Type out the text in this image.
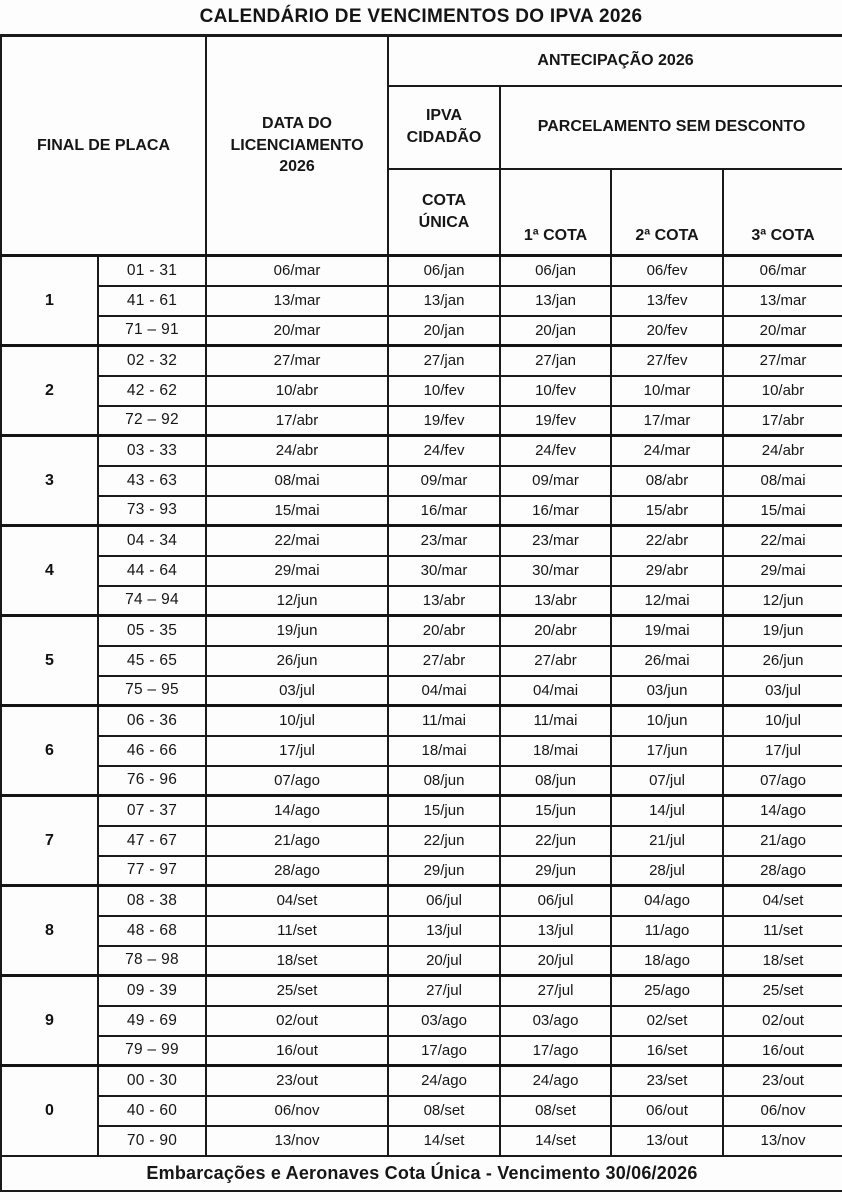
CALENDÁRIO DE VENCIMENTOS DO IPVA 2026
FINAL DE PLACA		DATA DO LICENCIAMENTO 2026	ANTECIPAÇÃO 2026			
			IPVA CIDADÃO	PARCELAMENTO SEM DESCONTO		
			COTA ÚNICA	1ª COTA	2ª COTA	3ª COTA
1	01 - 31	06/mar	06/jan	06/jan	06/fev	06/mar
	41 - 61	13/mar	13/jan	13/jan	13/fev	13/mar
	71 – 91	20/mar	20/jan	20/jan	20/fev	20/mar
2	02 - 32	27/mar	27/jan	27/jan	27/fev	27/mar
	42 - 62	10/abr	10/fev	10/fev	10/mar	10/abr
	72 – 92	17/abr	19/fev	19/fev	17/mar	17/abr
3	03 - 33	24/abr	24/fev	24/fev	24/mar	24/abr
	43 - 63	08/mai	09/mar	09/mar	08/abr	08/mai
	73 - 93	15/mai	16/mar	16/mar	15/abr	15/mai
4	04 - 34	22/mai	23/mar	23/mar	22/abr	22/mai
	44 - 64	29/mai	30/mar	30/mar	29/abr	29/mai
	74 – 94	12/jun	13/abr	13/abr	12/mai	12/jun
5	05 - 35	19/jun	20/abr	20/abr	19/mai	19/jun
	45 - 65	26/jun	27/abr	27/abr	26/mai	26/jun
	75 – 95	03/jul	04/mai	04/mai	03/jun	03/jul
6	06 - 36	10/jul	11/mai	11/mai	10/jun	10/jul
	46 - 66	17/jul	18/mai	18/mai	17/jun	17/jul
	76 - 96	07/ago	08/jun	08/jun	07/jul	07/ago
7	07 - 37	14/ago	15/jun	15/jun	14/jul	14/ago
	47 - 67	21/ago	22/jun	22/jun	21/jul	21/ago
	77 - 97	28/ago	29/jun	29/jun	28/jul	28/ago
8	08 - 38	04/set	06/jul	06/jul	04/ago	04/set
	48 - 68	11/set	13/jul	13/jul	11/ago	11/set
	78 – 98	18/set	20/jul	20/jul	18/ago	18/set
9	09 - 39	25/set	27/jul	27/jul	25/ago	25/set
	49 - 69	02/out	03/ago	03/ago	02/set	02/out
	79 – 99	16/out	17/ago	17/ago	16/set	16/out
0	00 - 30	23/out	24/ago	24/ago	23/set	23/out
	40 - 60	06/nov	08/set	08/set	06/out	06/nov
	70 - 90	13/nov	14/set	14/set	13/out	13/nov
Embarcações e Aeronaves Cota Única - Vencimento 30/06/2026						
